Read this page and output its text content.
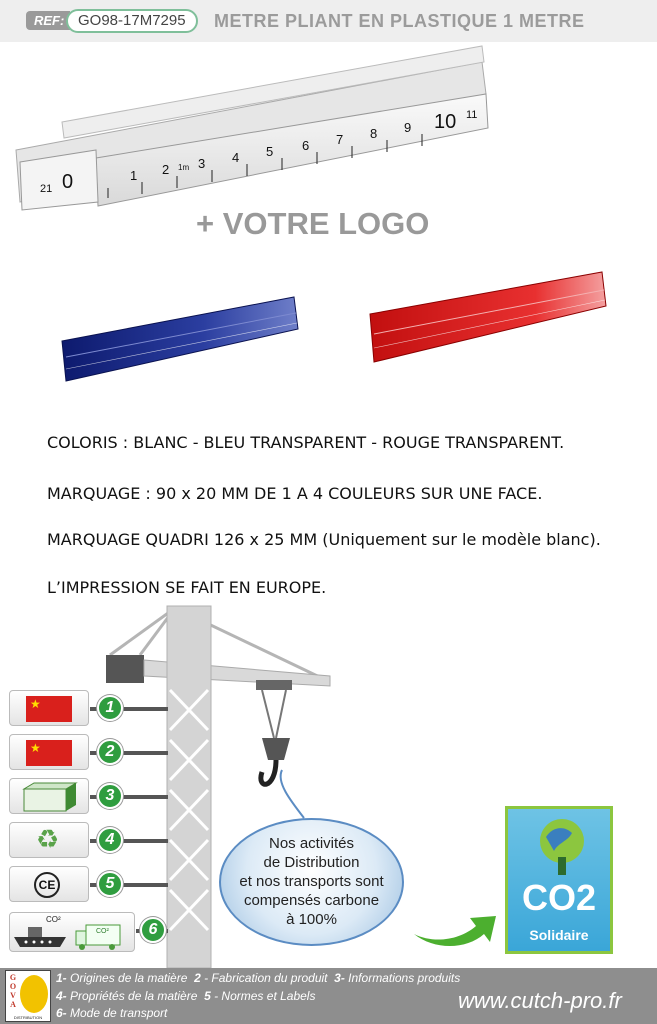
REF: GO98-17M7295	METRE PLIANT EN PLASTIQUE 1 METRE
0
21
1 2 1m 3 4 5 6 7 8 9 10 11
+ VOTRE LOGO
COLORIS : BLANC - BLEU TRANSPARENT - ROUGE TRANSPARENT.
MARQUAGE : 90 x 20 MM DE 1 A 4 COULEURS SUR UNE FACE.
MARQUAGE QUADRI 126 x 25 MM (Uniquement sur le modèle blanc).
L’IMPRESSION SE FAIT EN EUROPE.
★	1
★	2
3
♻	4
CE	5
CO²
CO²	6
Nos activités
de Distribution
et nos transports sont
compensés carbone
à 100%
CO2
Solidaire
GOVA
DISTRIBUTION
1- Origines de la matière 2 - Fabrication du produit 3- Informations produits
4- Propriétés de la matière 5 - Normes et Labels
6- Mode de transport	www.cutch-pro.fr
